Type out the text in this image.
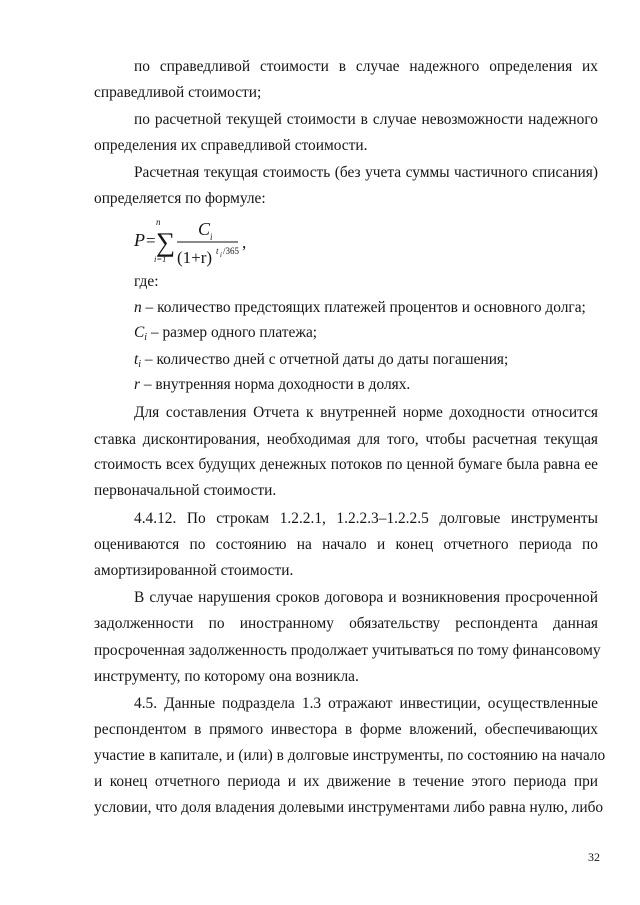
по справедливой стоимости в случае надежного определения их
справедливой стоимости;
по расчетной текущей стоимости в случае невозможности надежного
определения их справедливой стоимости.
Расчетная текущая стоимость (без учета суммы частичного списания)
определяется по формуле:
P =
n
∑
i=1
C i
(1+r) t i /365 ,
где:
n – количество предстоящих платежей процентов и основного долга;
$C_i$ – размер одного платежа;
$t_i$ – количество дней с отчетной даты до даты погашения;
r – внутренняя норма доходности в долях.
Для составления Отчета к внутренней норме доходности относится
ставка дисконтирования, необходимая для того, чтобы расчетная текущая
стоимость всех будущих денежных потоков по ценной бумаге была равна ее
первоначальной стоимости.
4.4.12. По строкам 1.2.2.1, 1.2.2.3–1.2.2.5 долговые инструменты
оцениваются по состоянию на начало и конец отчетного периода по
амортизированной стоимости.
В случае нарушения сроков договора и возникновения просроченной
задолженности по иностранному обязательству респондента данная
просроченная задолженность продолжает учитываться по тому финансовому
инструменту, по которому она возникла.
4.5. Данные подраздела 1.3 отражают инвестиции, осуществленные
респондентом в прямого инвестора в форме вложений, обеспечивающих
участие в капитале, и (или) в долговые инструменты, по состоянию на начало
и конец отчетного периода и их движение в течение этого периода при
условии, что доля владения долевыми инструментами либо равна нулю, либо
32
